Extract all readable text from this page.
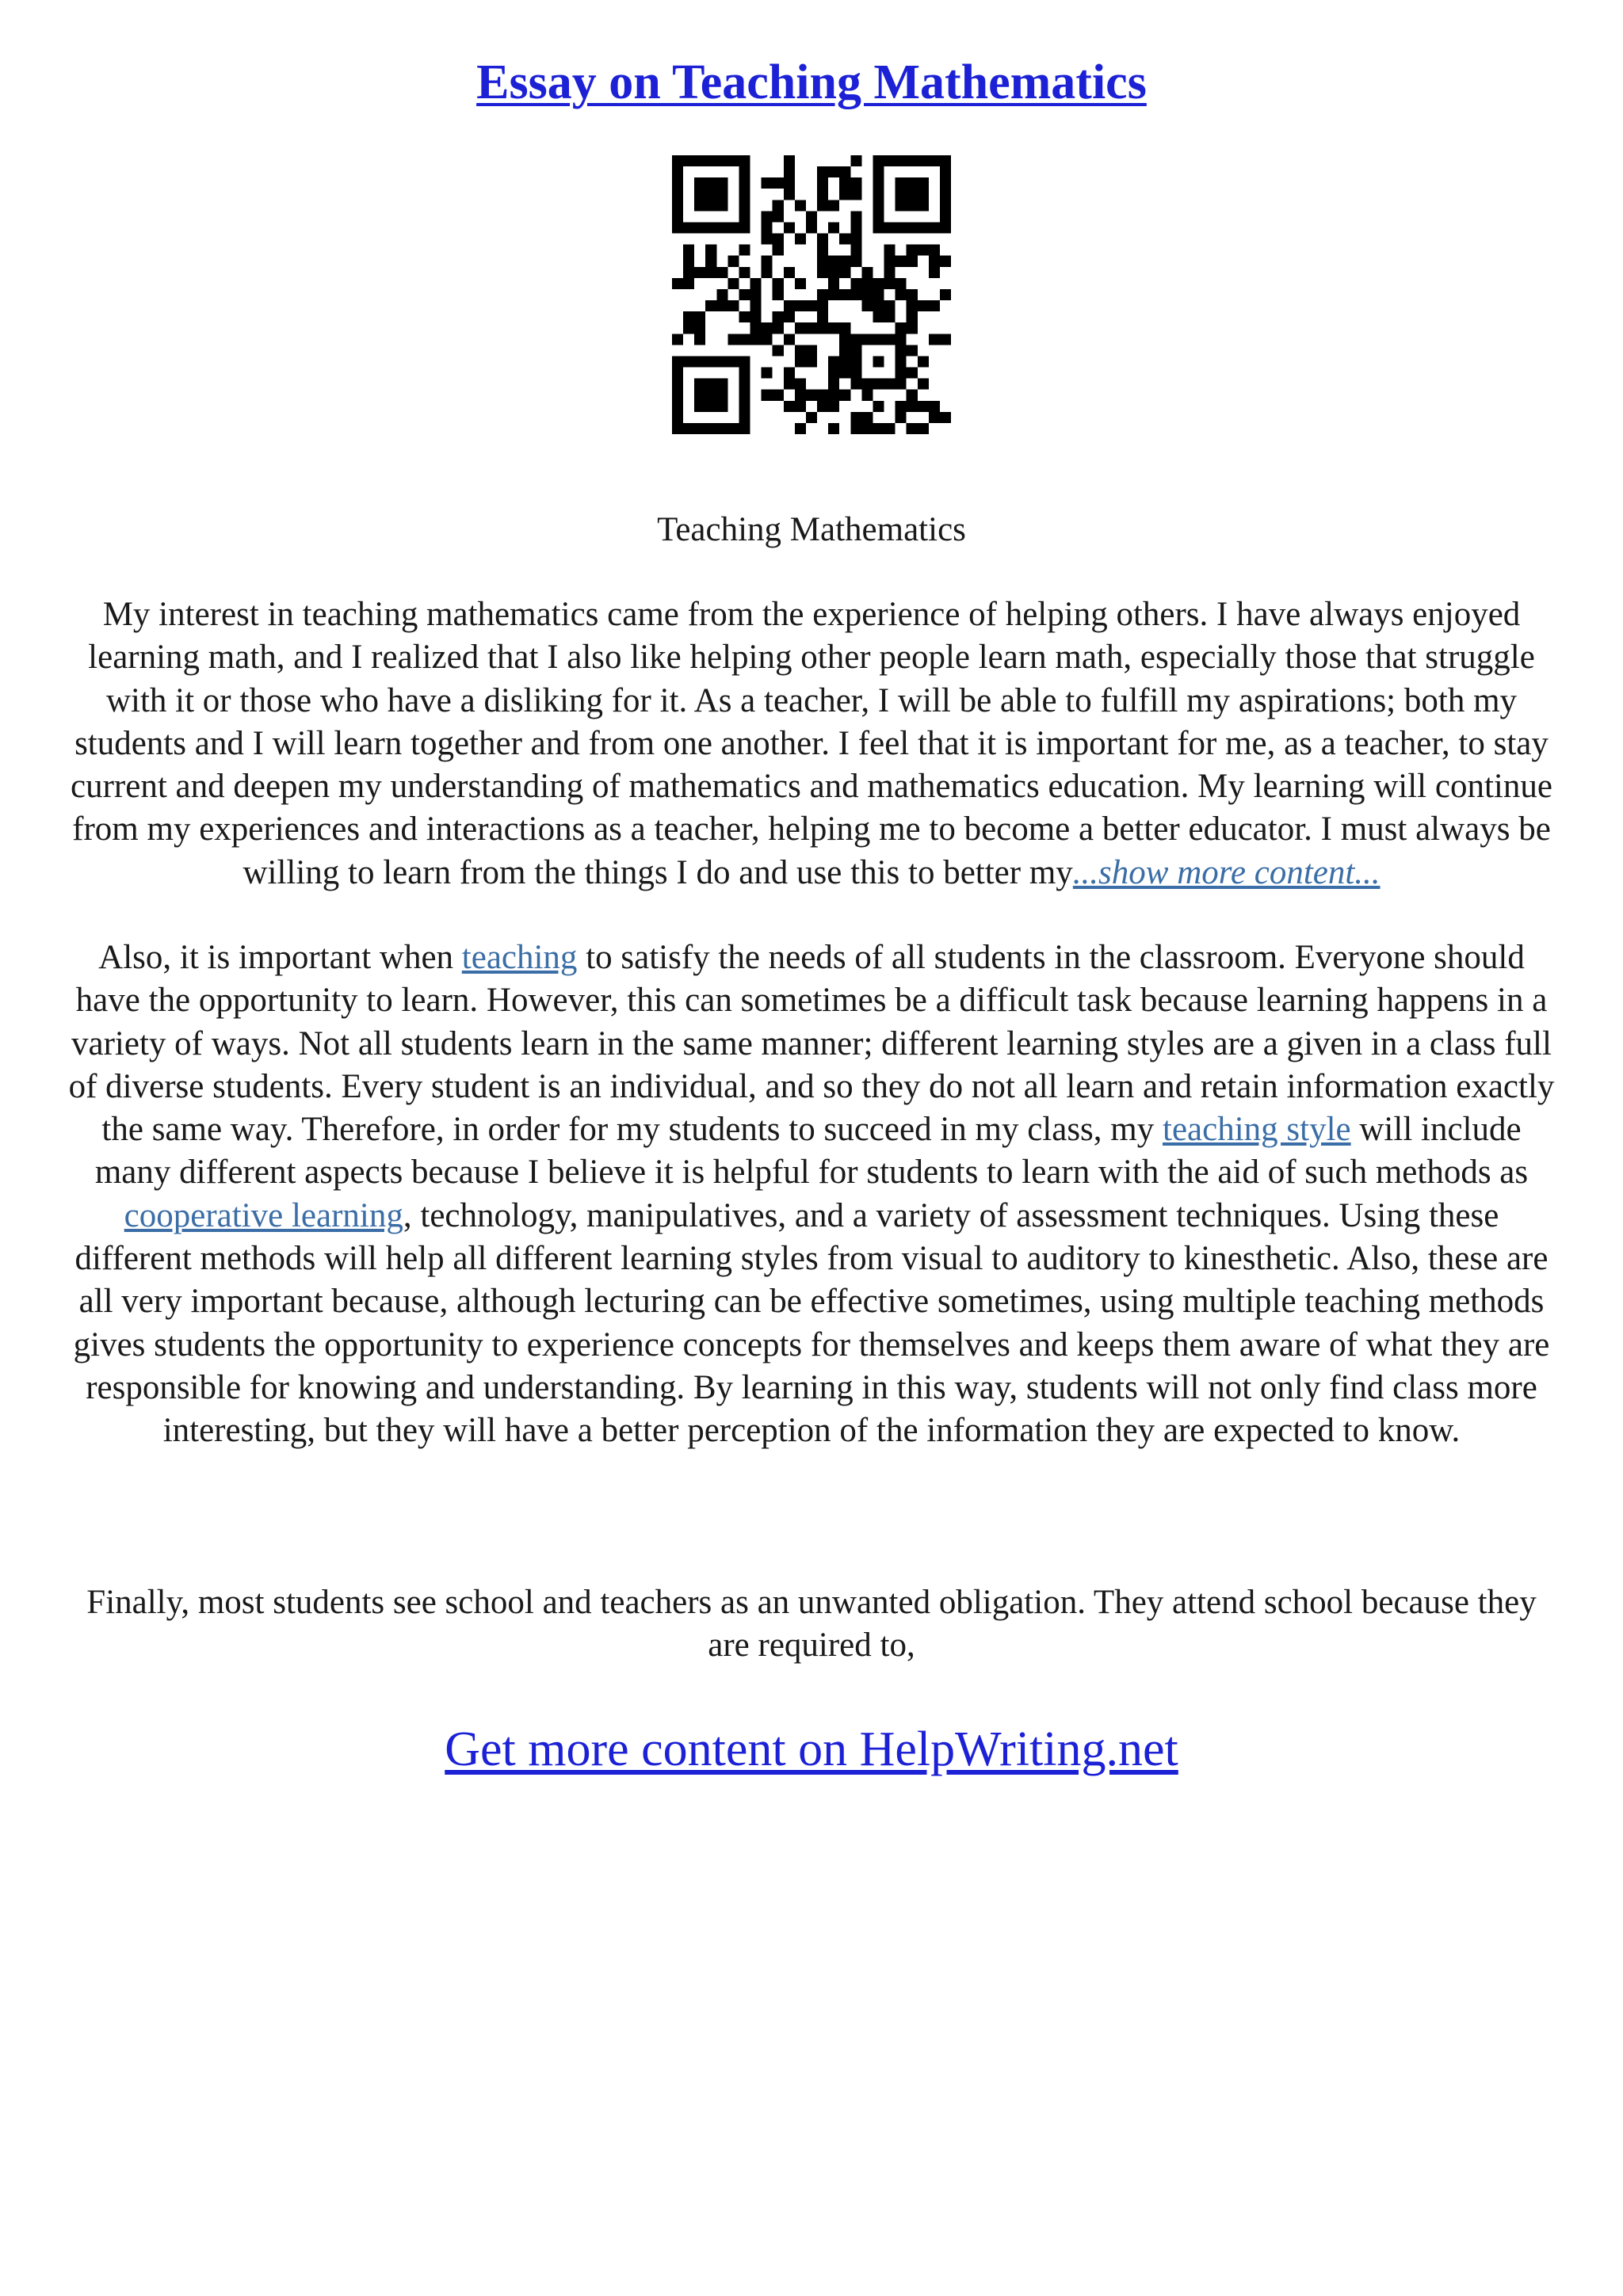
Essay on Teaching Mathematics
Teaching Mathematics

My interest in teaching mathematics came from the experience of helping others. I have always enjoyed learning math, and I realized that I also like helping other people learn math, especially those that struggle with it or those who have a disliking for it. As a teacher, I will be able to fulfill my aspirations; both my students and I will learn together and from one another. I feel that it is important for me, as a teacher, to stay current and deepen my understanding of mathematics and mathematics education. My learning will continue from my experiences and interactions as a teacher, helping me to become a better educator. I must always be willing to learn from the things I do and use this to better my...show more content...

Also, it is important when teaching to satisfy the needs of all students in the classroom. Everyone should have the opportunity to learn. However, this can sometimes be a difficult task because learning happens in a variety of ways. Not all students learn in the same manner; different learning styles are a given in a class full of diverse students. Every student is an individual, and so they do not all learn and retain information exactly the same way. Therefore, in order for my students to succeed in my class, my teaching style will include many different aspects because I believe it is helpful for students to learn with the aid of such methods as cooperative learning, technology, manipulatives, and a variety of assessment techniques. Using these different methods will help all different learning styles from visual to auditory to kinesthetic. Also, these are all very important because, although lecturing can be effective sometimes, using multiple teaching methods gives students the opportunity to experience concepts for themselves and keeps them aware of what they are responsible for knowing and understanding. By learning in this way, students will not only find class more interesting, but they will have a better perception of the information they are expected to know.

Finally, most students see school and teachers as an unwanted obligation. They attend school because they are required to,

Get more content on HelpWriting.net
